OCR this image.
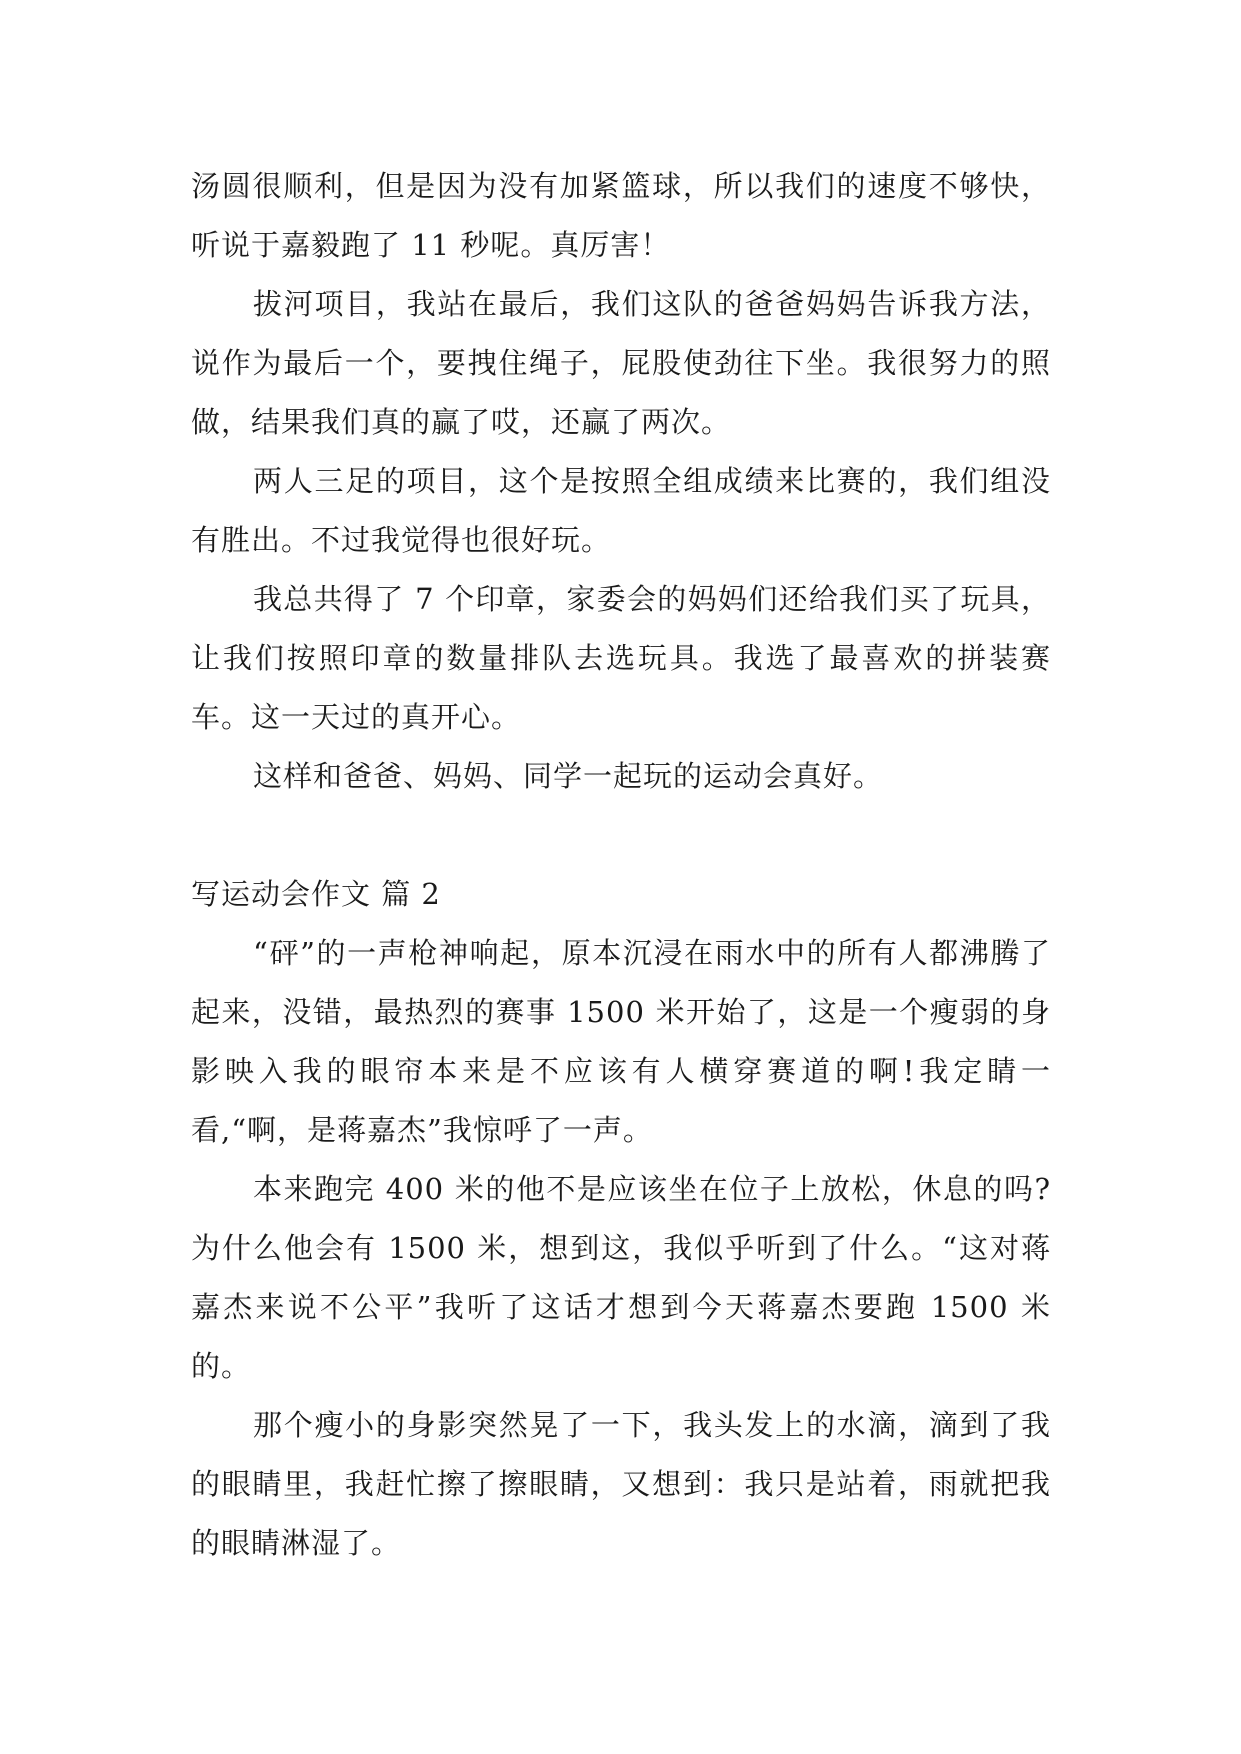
汤圆很顺利，但是因为没有加紧篮球，所以我们的速度不够快，听说于嘉毅跑了 11 秒呢。真厉害！

拔河项目，我站在最后，我们这队的爸爸妈妈告诉我方法，说作为最后一个，要拽住绳子，屁股使劲往下坐。我很努力的照做，结果我们真的赢了哎，还赢了两次。

两人三足的项目，这个是按照全组成绩来比赛的，我们组没有胜出。不过我觉得也很好玩。

我总共得了 7 个印章，家委会的妈妈们还给我们买了玩具，让我们按照印章的数量排队去选玩具。我选了最喜欢的拼装赛车。这一天过的真开心。

这样和爸爸、妈妈、同学一起玩的运动会真好。

写运动会作文 篇 2

“砰”的一声枪神响起，原本沉浸在雨水中的所有人都沸腾了起来，没错，最热烈的赛事 1500 米开始了，这是一个瘦弱的身影映入我的眼帘本来是不应该有人横穿赛道的啊!我定睛一看,“啊，是蒋嘉杰”我惊呼了一声。

本来跑完 400 米的他不是应该坐在位子上放松，休息的吗?为什么他会有 1500 米，想到这，我似乎听到了什么。“这对蒋嘉杰来说不公平”我听了这话才想到今天蒋嘉杰要跑 1500 米的。

那个瘦小的身影突然晃了一下，我头发上的水滴，滴到了我的眼睛里，我赶忙擦了擦眼睛，又想到：我只是站着，雨就把我的眼睛淋湿了。
